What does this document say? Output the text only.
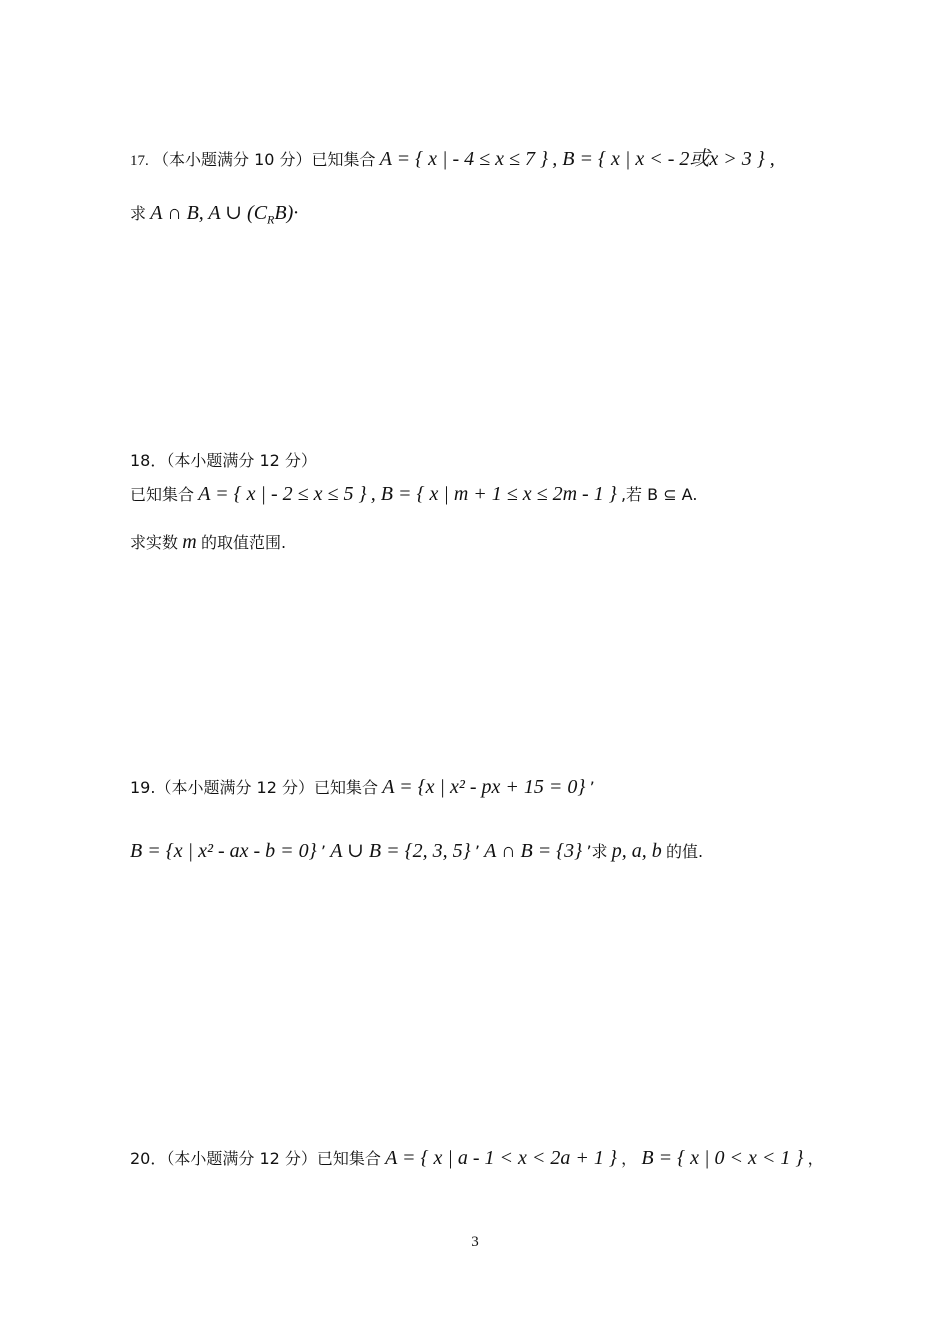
17. （本小题满分 10 分）已知集合 A = { x | - 4 ≤ x ≤ 7 } , B = { x | x < - 2或x > 3 } ,
求 A ∩ B, A ∪ $(C_RB)\cdot$
18．（本小题满分 12 分）
已知集合 A = { x | - 2 ≤ x ≤ 5 } , B = { x | m + 1 ≤ x ≤ 2m - 1 } ,若 B ⊆ A.
求实数 m 的取值范围.
19.（本小题满分 12 分）已知集合 A = {x | x² - px + 15 = 0} ’
B = {x | x² - ax - b = 0} ’ A ∪ B = {2, 3, 5} ’ A ∩ B = {3} ’求 p, a, b 的值.
20．（本小题满分 12 分）已知集合 A = { x | a - 1 < x < 2a + 1 } ， B = { x | 0 < x < 1 } ，
3
